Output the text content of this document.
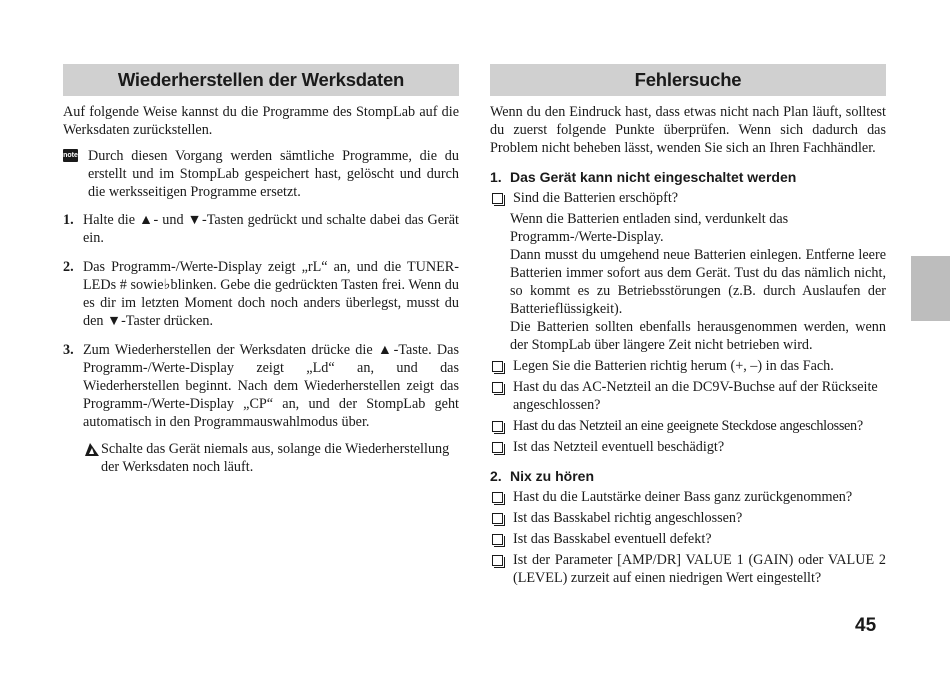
Wiederherstellen der Werksdaten

Auf folgende Weise kannst du die Programme des StompLab auf die Werksdaten zurückstellen.

note Durch diesen Vorgang werden sämtliche Programme, die du erstellt und im StompLab gespeichert hast, gelöscht und durch die werksseitigen Programme ersetzt.

1. Halte die ▲- und ▼-Tasten gedrückt und schalte dabei das Gerät ein.

2. Das Programm-/Werte-Display zeigt „rL“ an, und die TUNER-LEDs # sowie♭blinken. Gebe die gedrückten Tasten frei. Wenn du es dir im letzten Moment doch noch anders überlegst, musst du den ▼-Taster drücken.

3. Zum Wiederherstellen der Werksdaten drücke die ▲-Taste. Das Programm-/Werte-Display zeigt „Ld“ an, und das Wiederherstellen beginnt. Nach dem Wiederherstellen zeigt das Programm-/Werte-Display „CP“ an, und der StompLab geht automatisch in den Programmauswahlmodus über.

Schalte das Gerät niemals aus, solange die Wiederherstellung der Werksdaten noch läuft.

Fehlersuche

Wenn du den Eindruck hast, dass etwas nicht nach Plan läuft, solltest du zuerst folgende Punkte überprüfen. Wenn sich dadurch das Problem nicht beheben lässt, wenden Sie sich an Ihren Fachhändler.

1. Das Gerät kann nicht eingeschaltet werden

Sind die Batterien erschöpft?

Wenn die Batterien entladen sind, verdunkelt das Programm-/Werte-Display.

Dann musst du umgehend neue Batterien einlegen. Entferne leere Batterien immer sofort aus dem Gerät. Tust du das nämlich nicht, so kommt es zu Betriebsstörungen (z.B. durch Auslaufen der Batterieflüssigkeit).

Die Batterien sollten ebenfalls herausgenommen werden, wenn der StompLab über längere Zeit nicht betrieben wird.

Legen Sie die Batterien richtig herum (+, –) in das Fach.

Hast du das AC-Netzteil an die DC9V-Buchse auf der Rückseite angeschlossen?

Hast du das Netzteil an eine geeignete Steckdose angeschlossen?

Ist das Netzteil eventuell beschädigt?

2. Nix zu hören

Hast du die Lautstärke deiner Bass ganz zurückgenommen?

Ist das Basskabel richtig angeschlossen?

Ist das Basskabel eventuell defekt?

Ist der Parameter [AMP/DR] VALUE 1 (GAIN) oder VALUE 2 (LEVEL) zurzeit auf einen niedrigen Wert eingestellt?

45
